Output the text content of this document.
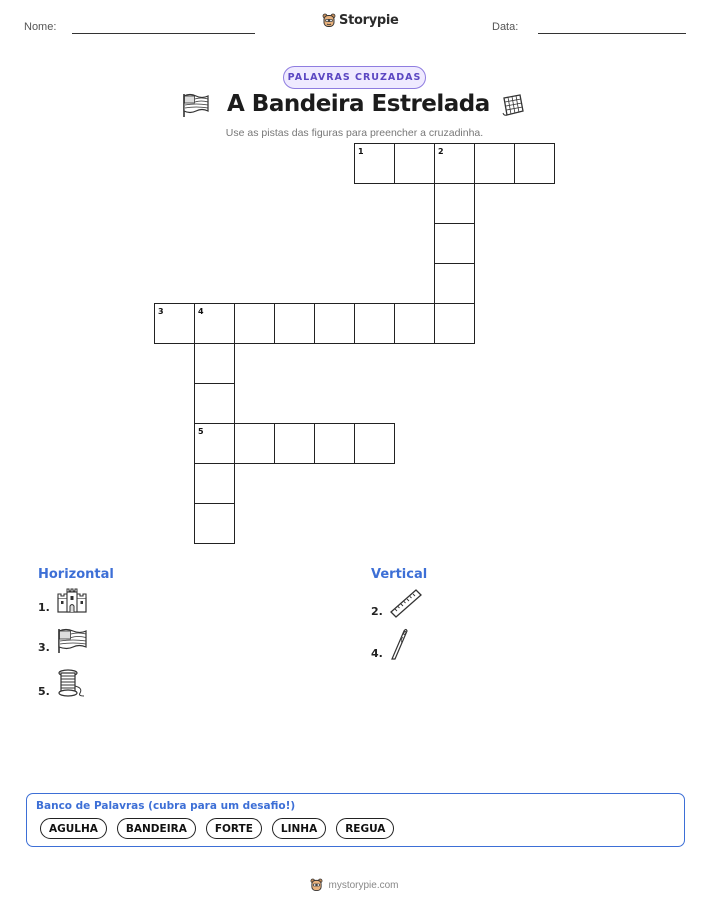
Nome:	Storypie	Data:
PALAVRAS CRUZADAS
A Bandeira Estrelada
Use as pistas das figuras para preencher a cruzadinha.
1	2
3	4
5
Horizontal	Vertical
1.
3.
5.
2.
4.
Banco de Palavras (cubra para um desafio!)
AGULHA	BANDEIRA	FORTE	LINHA	REGUA
mystorypie.com
